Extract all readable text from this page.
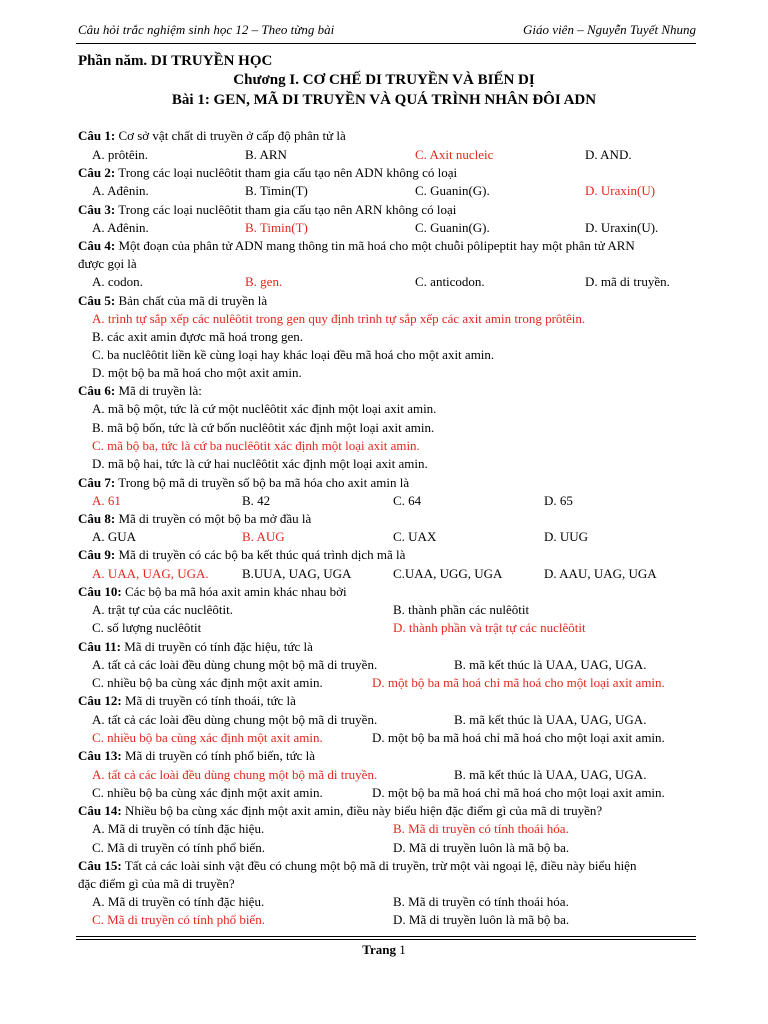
Câu hỏi trắc nghiệm sinh học 12 – Theo từng bài	Giáo viên – Nguyễn Tuyết Nhung
Phần năm. DI TRUYỀN HỌC
Chương I. CƠ CHẾ DI TRUYỀN VÀ BIẾN DỊ
Bài 1: GEN, MÃ DI TRUYỀN VÀ QUÁ TRÌNH NHÂN ĐÔI ADN
Câu 1: Cơ sở vật chất di truyền ở cấp độ phân tử là
A. prôtêin.	B. ARN	C. Axit nucleic	D. AND.
Câu 2: Trong các loại nuclêôtit tham gia cấu tạo nên ADN không có loại
A. Ađênin.	B. Timin(T)	C. Guanin(G).	D. Uraxin(U)
Câu 3: Trong các loại nuclêôtit tham gia cấu tạo nên ARN không có loại
A. Ađênin.	B. Timin(T)	C. Guanin(G).	D. Uraxin(U).
Câu 4: Một đoạn của phân tử ADN mang thông tin mã hoá cho một chuỗi pôlipeptit hay một phân tử ARN
được gọi là
A. codon.	B. gen.	C. anticodon.	D. mã di truyền.
Câu 5: Bản chất của mã di truyền là
A. trình tự sắp xếp các nulêôtit trong gen quy định trình tự sắp xếp các axit amin trong prôtêin.
B. các axit amin đựơc mã hoá trong gen.
C. ba nuclêôtit liền kề cùng loại hay khác loại đều mã hoá cho một axit amin.
D. một bộ ba mã hoá cho một axit amin.
Câu 6: Mã di truyền là:
A. mã bộ một, tức là cứ một nuclêôtit xác định một loại axit amin.
B. mã bộ bốn, tức là cứ bốn nuclêôtit xác định một loại axit amin.
C. mã bộ ba, tức là cứ ba nuclêôtit xác định một loại axit amin.
D. mã bộ hai, tức là cứ hai nuclêôtit xác định một loại axit amin.
Câu 7: Trong bộ mã di truyền số bộ ba mã hóa cho axit amin là
A. 61	B. 42	C. 64	D. 65
Câu 8: Mã di truyền có một bộ ba mở đầu là
A. GUA	B. AUG	C. UAX	D. UUG
Câu 9: Mã di truyền có các bộ ba kết thúc quá trình dịch mã là
A. UAA, UAG, UGA.	B.UUA, UAG, UGA	C.UAA, UGG, UGA	D. AAU, UAG, UGA
Câu 10: Các bộ ba mã hóa axit amin khác nhau bởi
A. trật tự của các nuclêôtit.	B. thành phần các nulêôtit
C. số lượng nuclêôtit	D. thành phần và trật tự các nuclêôtit
Câu 11: Mã di truyền có tính đặc hiệu, tức là
A. tất cả các loài đều dùng chung một bộ mã di truyền.	B. mã kết thúc là UAA, UAG, UGA.
C. nhiều bộ ba cùng xác định một axit amin.	D. một bộ ba mã hoá chỉ mã hoá cho một loại axit amin.
Câu 12: Mã di truyền có tính thoái, tức là
A. tất cả các loài đều dùng chung một bộ mã di truyền.	B. mã kết thúc là UAA, UAG, UGA.
C. nhiều bộ ba cùng xác định một axit amin.	D. một bộ ba mã hoá chỉ mã hoá cho một loại axit amin.
Câu 13: Mã di truyền có tính phổ biến, tức là
A. tất cả các loài đều dùng chung một bộ mã di truyền.	B. mã kết thúc là UAA, UAG, UGA.
C. nhiều bộ ba cùng xác định một axit amin.	D. một bộ ba mã hoá chỉ mã hoá cho một loại axit amin.
Câu 14: Nhiều bộ ba cùng xác định một axit amin, điều này biểu hiện đặc điểm gì của mã di truyền?
A. Mã di truyền có tính đặc hiệu.	B. Mã di truyền có tính thoái hóa.
C. Mã di truyền có tính phổ biến.	D. Mã di truyền luôn là mã bộ ba.
Câu 15: Tất cả các loài sinh vật đều có chung một bộ mã di truyền, trừ một vài ngoại lệ, điều này biểu hiện
đặc điểm gì của mã di truyền?
A. Mã di truyền có tính đặc hiệu.	B. Mã di truyền có tính thoái hóa.
C. Mã di truyền có tính phổ biến.	D. Mã di truyền luôn là mã bộ ba.
Trang 1
